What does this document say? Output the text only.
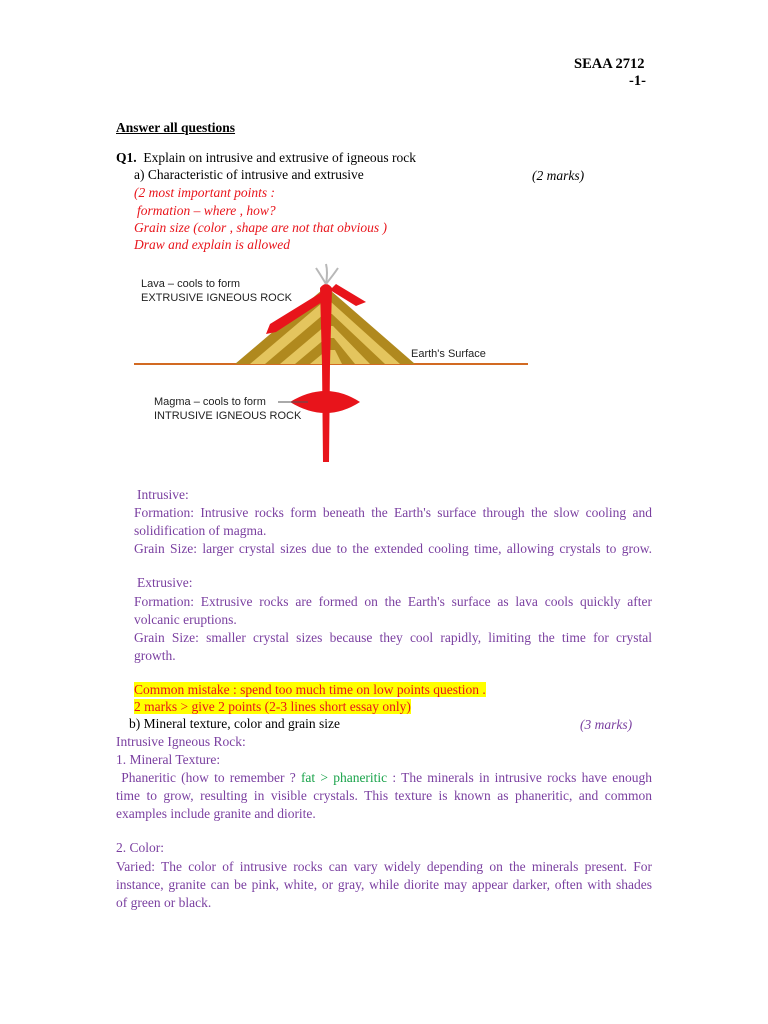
SEAA 2712
-1-
Answer all questions
Q1. Explain on intrusive and extrusive of igneous rock
a) Characteristic of intrusive and extrusive	(2 marks)
(2 most important points :
formation – where , how?
Grain size (color , shape are not that obvious )
Draw and explain is allowed
Lava – cools to form
EXTRUSIVE IGNEOUS ROCK
Earth's Surface
Magma – cools to form
INTRUSIVE IGNEOUS ROCK
Intrusive:
Formation: Intrusive rocks form beneath the Earth's surface through the slow cooling and
solidification of magma.
Grain Size: larger crystal sizes due to the extended cooling time, allowing crystals to grow.
Extrusive:
Formation: Extrusive rocks are formed on the Earth's surface as lava cools quickly after
volcanic eruptions.
Grain Size: smaller crystal sizes because they cool rapidly, limiting the time for crystal
growth.
Common mistake : spend too much time on low points question .
2 marks > give 2 points (2-3 lines short essay only)
b) Mineral texture, color and grain size	(3 marks)
Intrusive Igneous Rock:
1. Mineral Texture:
Phaneritic (how to remember ? fat > phaneritic : The minerals in intrusive rocks have enough
time to grow, resulting in visible crystals. This texture is known as phaneritic, and common
examples include granite and diorite.
2. Color:
Varied: The color of intrusive rocks can vary widely depending on the minerals present. For
instance, granite can be pink, white, or gray, while diorite may appear darker, often with shades
of green or black.
